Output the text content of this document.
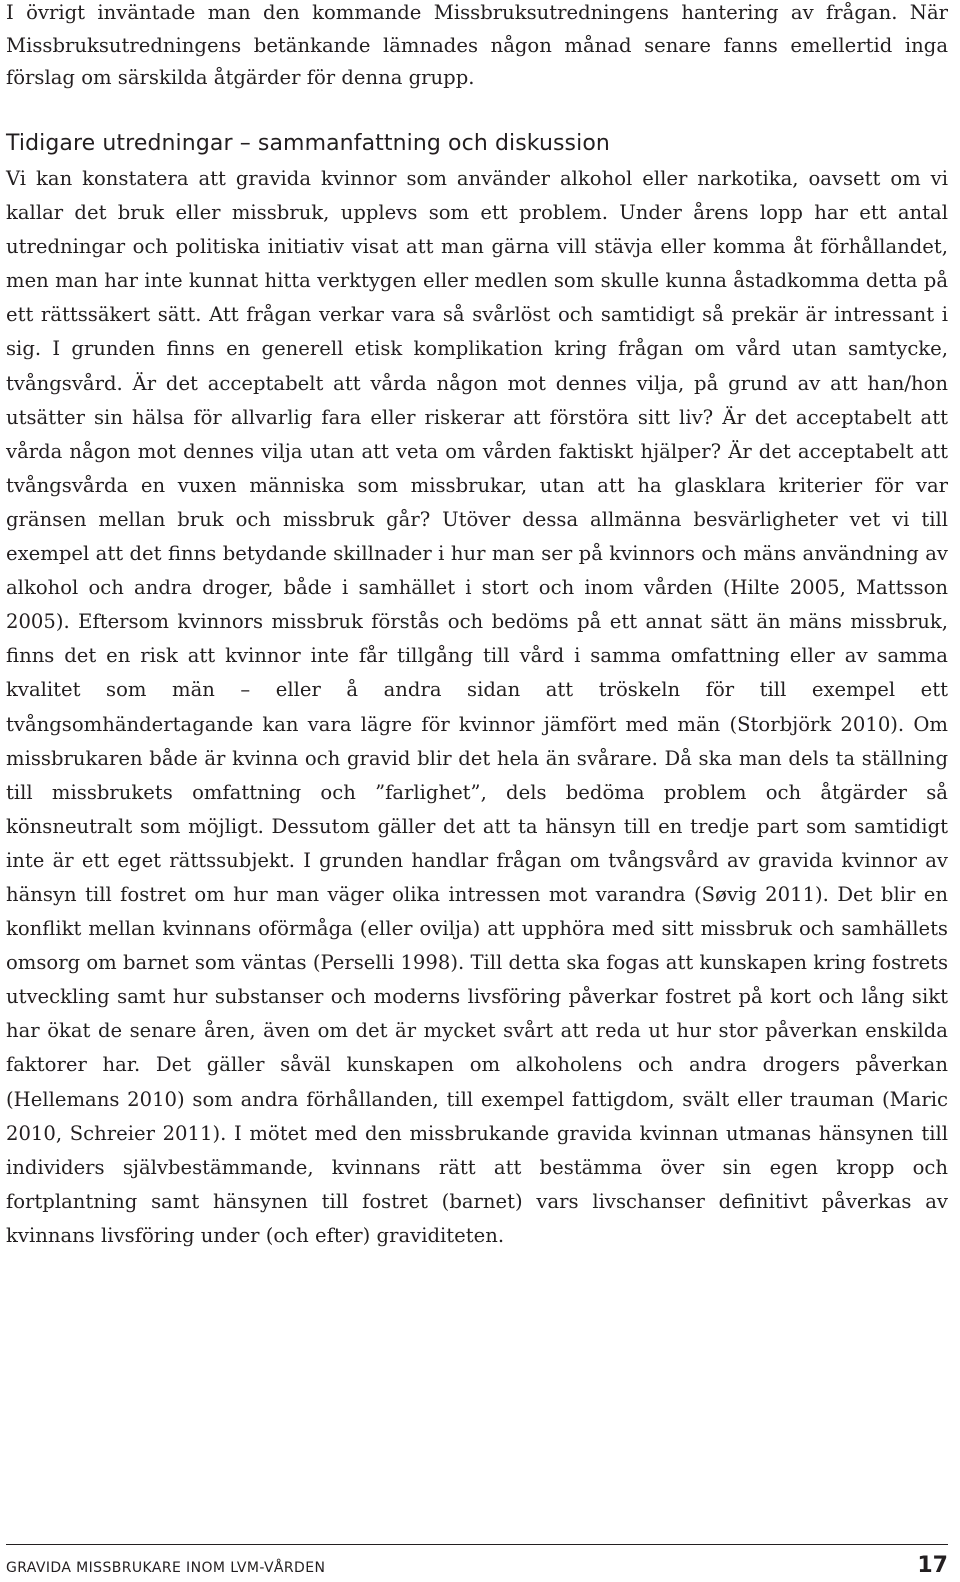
I övrigt inväntade man den kommande Missbruksutredningens hantering av frågan. När Missbruksutredningens betänkande lämnades någon månad senare fanns emellertid inga förslag om särskilda åtgärder för denna grupp.

Tidigare utredningar – sammanfattning och diskussion

Vi kan konstatera att gravida kvinnor som använder alkohol eller narkotika, oavsett om vi kallar det bruk eller missbruk, upplevs som ett problem. Under årens lopp har ett antal utredningar och politiska initiativ visat att man gärna vill stävja eller komma åt förhållandet, men man har inte kunnat hitta verktygen eller medlen som skulle kunna åstadkomma detta på ett rättssäkert sätt. Att frågan verkar vara så svårlöst och samtidigt så prekär är intressant i sig. I grunden finns en generell etisk komplikation kring frågan om vård utan samtycke, tvångsvård. Är det acceptabelt att vårda någon mot dennes vilja, på grund av att han/hon utsätter sin hälsa för allvarlig fara eller riskerar att förstöra sitt liv? Är det acceptabelt att vårda någon mot dennes vilja utan att veta om vården faktiskt hjälper? Är det acceptabelt att tvångsvårda en vuxen människa som missbrukar, utan att ha glasklara kriterier för var gränsen mellan bruk och missbruk går? Utöver dessa allmänna besvärligheter vet vi till exempel att det finns betydande skillnader i hur man ser på kvinnors och mäns användning av alkohol och andra droger, både i samhället i stort och inom vården (Hilte 2005, Mattsson 2005). Eftersom kvinnors missbruk förstås och bedöms på ett annat sätt än mäns missbruk, finns det en risk att kvinnor inte får tillgång till vård i samma omfattning eller av samma kvalitet som män – eller å andra sidan att tröskeln för till exempel ett tvångsomhändertagande kan vara lägre för kvinnor jämfört med män (Storbjörk 2010). Om missbrukaren både är kvinna och gravid blir det hela än svårare. Då ska man dels ta ställning till missbrukets omfattning och ”farlighet”, dels bedöma problem och åtgärder så könsneutralt som möjligt. Dessutom gäller det att ta hänsyn till en tredje part som samtidigt inte är ett eget rättssubjekt. I grunden handlar frågan om tvångsvård av gravida kvinnor av hänsyn till fostret om hur man väger olika intressen mot varandra (Søvig 2011). Det blir en konflikt mellan kvinnans oförmåga (eller ovilja) att upphöra med sitt missbruk och samhällets omsorg om barnet som väntas (Perselli 1998). Till detta ska fogas att kunskapen kring fostrets utveckling samt hur substanser och moderns livsföring påverkar fostret på kort och lång sikt har ökat de senare åren, även om det är mycket svårt att reda ut hur stor påverkan enskilda faktorer har. Det gäller såväl kunskapen om alkoholens och andra drogers påverkan (Hellemans 2010) som andra förhållanden, till exempel fattigdom, svält eller trauman (Maric 2010, Schreier 2011). I mötet med den missbrukande gravida kvinnan utmanas hänsynen till individers självbestämmande, kvinnans rätt att bestämma över sin egen kropp och fortplantning samt hänsynen till fostret (barnet) vars livschanser definitivt påverkas av kvinnans livsföring under (och efter) graviditeten.

GRAVIDA MISSBRUKARE INOM LVM-VÅRDEN	17
